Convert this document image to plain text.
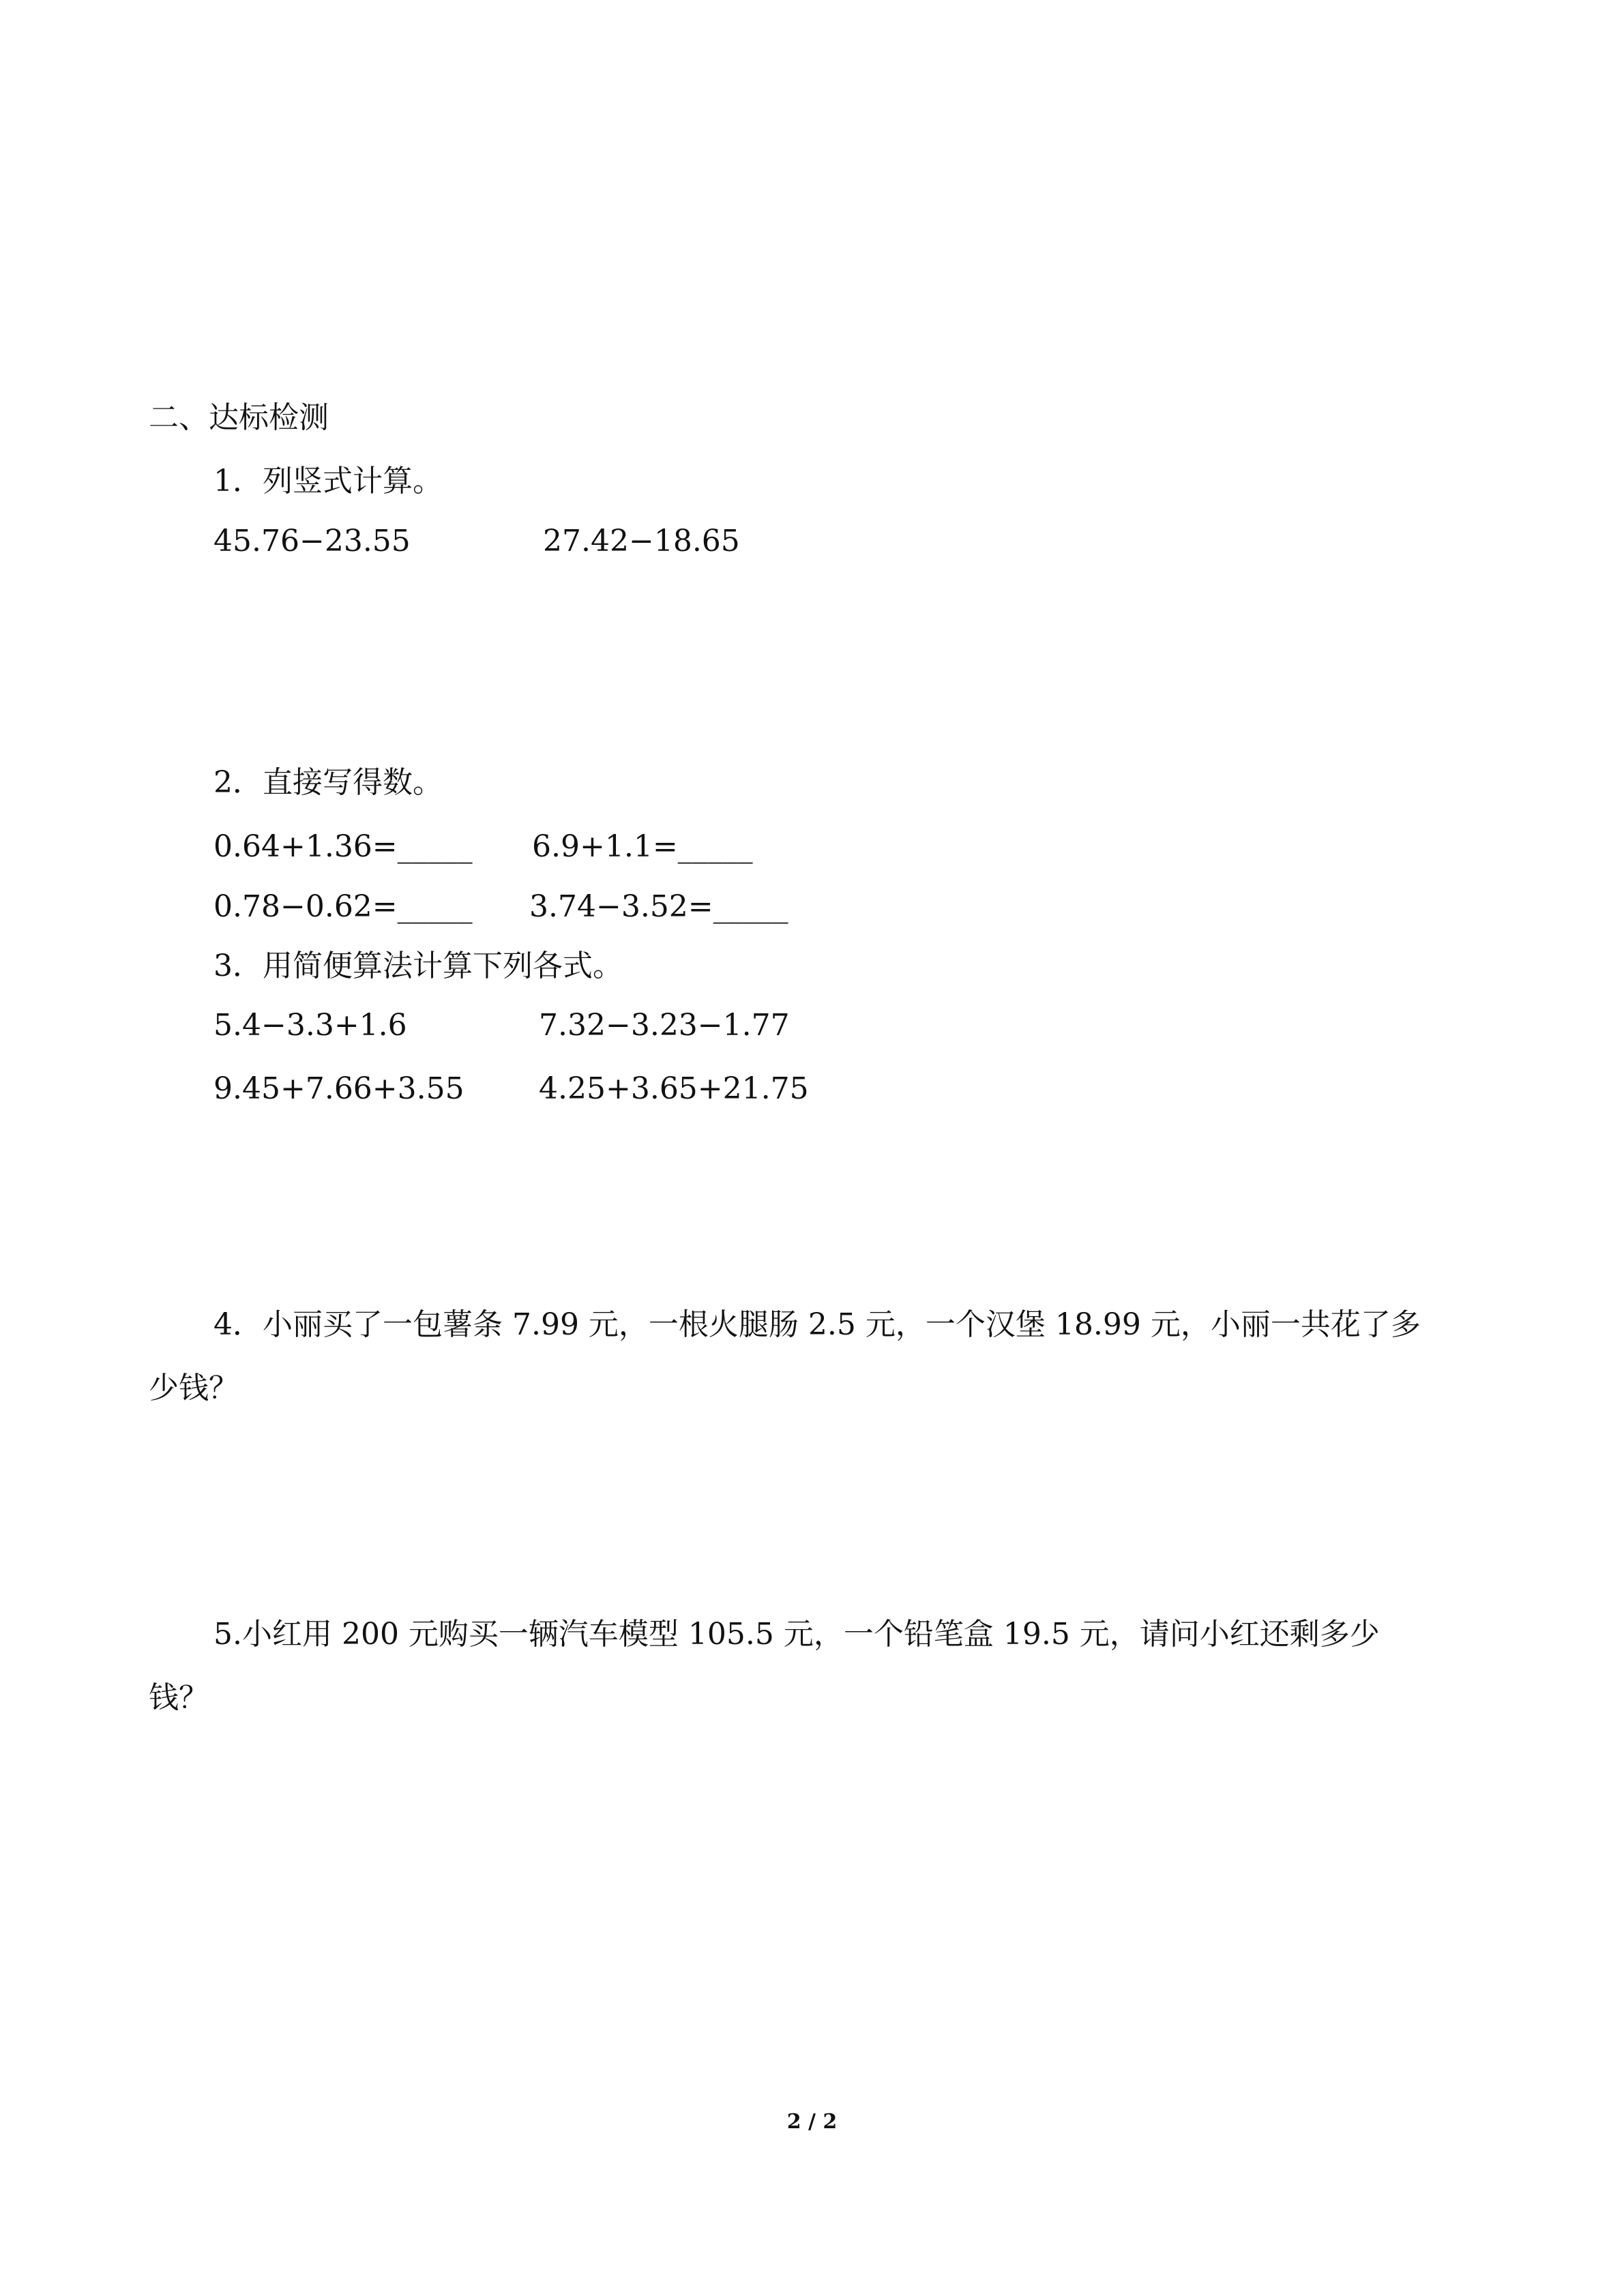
二、达标检测
1．列竖式计算。
45.76−23.55	27.42−18.65
2．直接写得数。
0.64+1.36=_____ 6.9+1.1=_____
0.78−0.62=_____ 3.74−3.52=_____
3．用简便算法计算下列各式。
5.4−3.3+1.6	7.32−3.23−1.77
9.45+7.66+3.55 4.25+3.65+21.75
4．小丽买了一包薯条 7.99 元，一根火腿肠 2.5 元，一个汉堡 18.99 元，小丽一共花了多
少钱？
5.小红用 200 元购买一辆汽车模型 105.5 元，一个铅笔盒 19.5 元，请问小红还剩多少
钱？
2 / 2
